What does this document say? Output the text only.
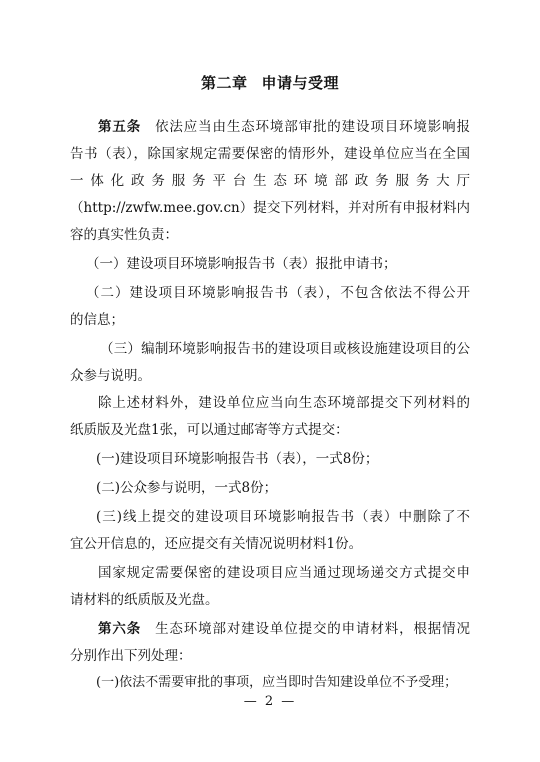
第二章 申请与受理
第五条 依法应当由生态环境部审批的建设项目环境影响报
告书（表），除国家规定需要保密的情形外，建设单位应当在全国
一体化政务服务平台生态环境部政务服务大厅
（http://zwfw.mee.gov.cn）提交下列材料，并对所有申报材料内
容的真实性负责：
（一）建设项目环境影响报告书（表）报批申请书；
（二）建设项目环境影响报告书（表），不包含依法不得公开
的信息；
（三）编制环境影响报告书的建设项目或核设施建设项目的公
众参与说明。
除上述材料外，建设单位应当向生态环境部提交下列材料的
纸质版及光盘1张，可以通过邮寄等方式提交：
(一)建设项目环境影响报告书（表），一式8份；
(二)公众参与说明，一式8份；
(三)线上提交的建设项目环境影响报告书（表）中删除了不
宜公开信息的，还应提交有关情况说明材料1份。
国家规定需要保密的建设项目应当通过现场递交方式提交申
请材料的纸质版及光盘。
第六条 生态环境部对建设单位提交的申请材料，根据情况
分别作出下列处理：
(一)依法不需要审批的事项，应当即时告知建设单位不予受理；
— 2 —
